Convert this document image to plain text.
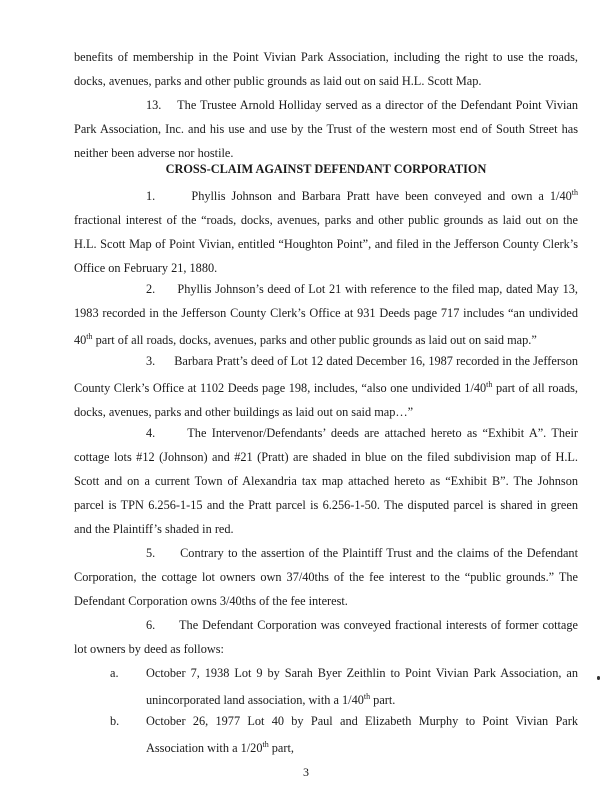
benefits of membership in the Point Vivian Park Association, including the right to use the roads, docks, avenues, parks and other public grounds as laid out on said H.L. Scott Map.

13. The Trustee Arnold Holliday served as a director of the Defendant Point Vivian Park Association, Inc. and his use and use by the Trust of the western most end of South Street has neither been adverse nor hostile.

CROSS-CLAIM AGAINST DEFENDANT CORPORATION

1.	Phyllis Johnson and Barbara Pratt have been conveyed and own a 1/40th fractional interest of the “roads, docks, avenues, parks and other public grounds as laid out on the H.L. Scott Map of Point Vivian, entitled “Houghton Point”, and filed in the Jefferson County Clerk’s Office on February 21, 1880.

2. Phyllis Johnson’s deed of Lot 21 with reference to the filed map, dated May 13, 1983 recorded in the Jefferson County Clerk’s Office at 931 Deeds page 717 includes “an undivided 40th part of all roads, docks, avenues, parks and other public grounds as laid out on said map.”

3. Barbara Pratt’s deed of Lot 12 dated December 16, 1987 recorded in the Jefferson County Clerk’s Office at 1102 Deeds page 198, includes, “also one undivided 1/40th part of all roads, docks, avenues, parks and other buildings as laid out on said map…”

4.	The Intervenor/Defendants’ deeds are attached hereto as “Exhibit A”. Their cottage lots #12 (Johnson) and #21 (Pratt) are shaded in blue on the filed subdivision map of H.L. Scott and on a current Town of Alexandria tax map attached hereto as “Exhibit B”. The Johnson parcel is TPN 6.256-1-15 and the Pratt parcel is 6.256-1-50. The disputed parcel is shared in green and the Plaintiff’s shaded in red.

5. Contrary to the assertion of the Plaintiff Trust and the claims of the Defendant Corporation, the cottage lot owners own 37/40ths of the fee interest to the “public grounds.” The Defendant Corporation owns 3/40ths of the fee interest.

6. The Defendant Corporation was conveyed fractional interests of former cottage lot owners by deed as follows:

a. October 7, 1938 Lot 9 by Sarah Byer Zeithlin to Point Vivian Park Association, an unincorporated land association, with a 1/40th part.

b. October 26, 1977 Lot 40 by Paul and Elizabeth Murphy to Point Vivian Park Association with a 1/20th part,

3
